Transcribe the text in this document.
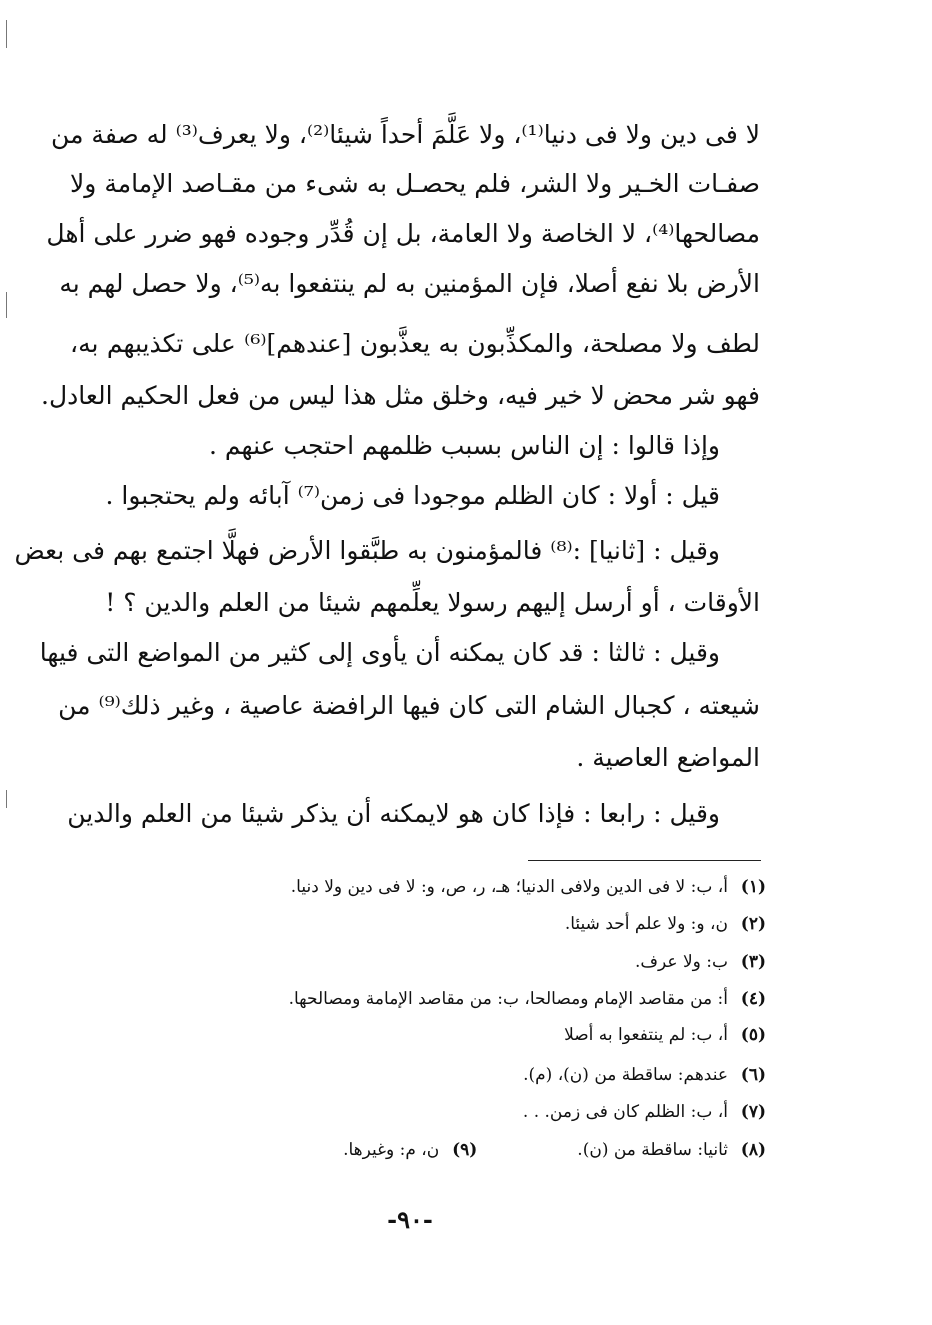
لا فى دين ولا فى دنيا⁽¹⁾، ولا عَلَّمَ أحداً شيئا⁽²⁾، ولا يعرف⁽³⁾ له صفة من
صفـات الخـير ولا الشر، فلم يحصـل به شىء من مقـاصد الإمامة ولا
مصالحها⁽⁴⁾، لا الخاصة ولا العامة، بل إن قُدِّر وجوده فهو ضرر على أهل
الأرض بلا نفع أصلا، فإن المؤمنين به لم ينتفعوا به⁽⁵⁾، ولا حصل لهم به
لطف ولا مصلحة، والمكذِّبون به يعذَّبون [عندهم]⁽⁶⁾ على تكذيبهم به،
فهو شر محض لا خير فيه، وخلق مثل هذا ليس من فعل الحكيم العادل.
وإذا قالوا : إن الناس بسبب ظلمهم احتجب عنهم .
قيل : أولا : كان الظلم موجودا فى زمن⁽⁷⁾ آبائه ولم يحتجبوا .
وقيل : [ثانيا] :⁽⁸⁾ فالمؤمنون به طبَّقوا الأرض فهلَّا اجتمع بهم فى بعض
الأوقات ، أو أرسل إليهم رسولا يعلِّمهم شيئا من العلم والدين ؟ !
وقيل : ثالثا : قد كان يمكنه أن يأوى إلى كثير من المواضع التى فيها
شيعته ، كجبال الشام التى كان فيها الرافضة عاصية ، وغير ذلك⁽⁹⁾ من
المواضع العاصية .
وقيل : رابعا : فإذا كان هو لايمكنه أن يذكر شيئا من العلم والدين
(١)أ، ب: لا فى الدين ولافى الدنيا؛ هـ، ر، ص، و: لا فى دين ولا دنيا.
(٢)ن، و: ولا علم أحد شيئا.
(٣)ب: ولا عرف.
(٤)أ: من مقاصد الإمام ومصالحا، ب: من مقاصد الإمامة ومصالحها.
(٥)أ، ب: لم ينتفعوا به أصلا
(٦)عندهم: ساقطة من (ن)، (م).
(٧)أ، ب: الظلم كان فى زمن. . .
(٨)ثانيا: ساقطة من (ن).(٩)ن، م: وغيرها.
-٩٠-
